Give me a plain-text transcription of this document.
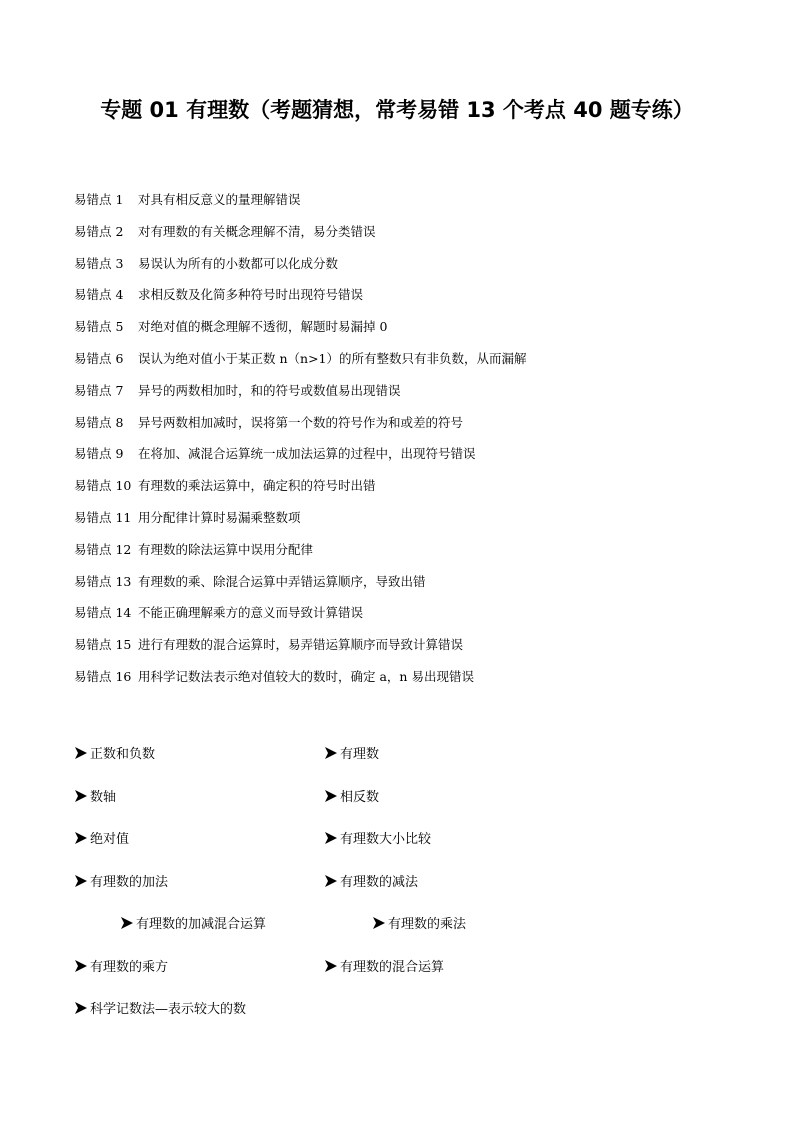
专题 01 有理数（考题猜想，常考易错 13 个考点 40 题专练）
易错点 1 对具有相反意义的量理解错误
易错点 2 对有理数的有关概念理解不清，易分类错误
易错点 3 易误认为所有的小数都可以化成分数
易错点 4 求相反数及化简多种符号时出现符号错误
易错点 5 对绝对值的概念理解不透彻，解题时易漏掉 0
易错点 6 误认为绝对值小于某正数 n（n>1）的所有整数只有非负数，从而漏解
易错点 7 异号的两数相加时，和的符号或数值易出现错误
易错点 8 异号两数相加减时，误将第一个数的符号作为和或差的符号
易错点 9 在将加、减混合运算统一成加法运算的过程中，出现符号错误
易错点 10 有理数的乘法运算中，确定积的符号时出错
易错点 11 用分配律计算时易漏乘整数项
易错点 12 有理数的除法运算中误用分配律
易错点 13 有理数的乘、除混合运算中弄错运算顺序，导致出错
易错点 14 不能正确理解乘方的意义而导致计算错误
易错点 15 进行有理数的混合运算时，易弄错运算顺序而导致计算错误
易错点 16 用科学记数法表示绝对值较大的数时，确定 a，n 易出现错误
正数和负数	有理数
数轴	相反数
绝对值	有理数大小比较
有理数的加法	有理数的减法
有理数的加减混合运算	有理数的乘法
有理数的乘方	有理数的混合运算
科学记数法—表示较大的数
